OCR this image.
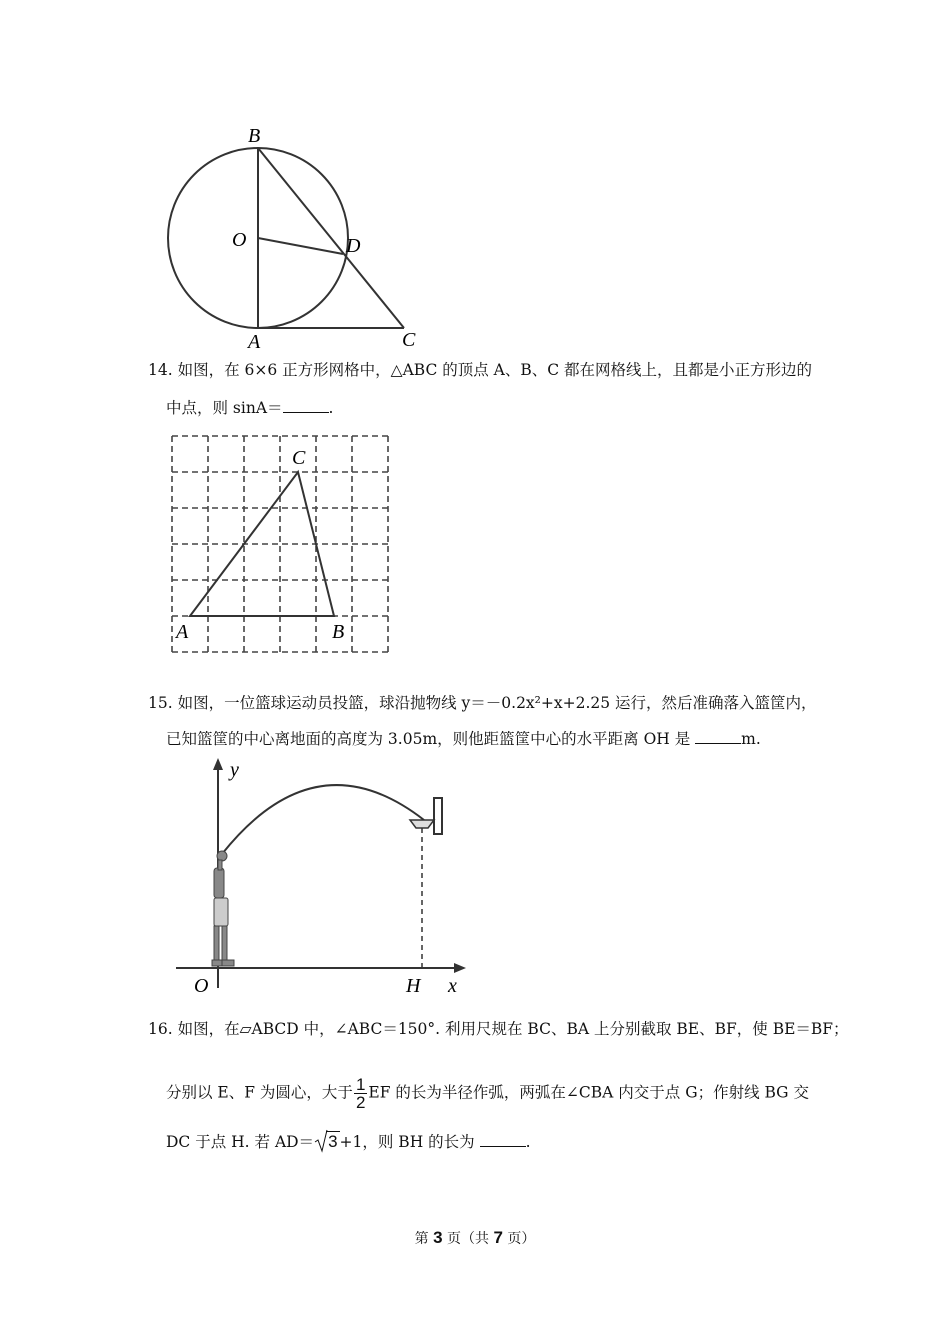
B
O	D
A	C
14. 如图，在 6×6 正方形网格中，△ABC 的顶点 A、B、C 都在网格线上，且都是小正方形边的
中点，则 sinA＝	.
A	B
C
15. 如图，一位篮球运动员投篮，球沿抛物线 y＝－0.2x²+x+2.25 运行，然后准确落入篮筐内，
已知篮筐的中心离地面的高度为 3.05m，则他距篮筐中心的水平距离 OH 是	m.
y
x
O	H
16. 如图，在▱ABCD 中，∠ABC＝150°. 利用尺规在 BC、BA 上分别截取 BE、BF，使 BE＝BF；
分别以 E、F 为圆心，大于 $\frac{1}{2}$ EF 的长为半径作弧，两弧在∠CBA 内交于点 G；作射线 BG 交
DC 于点 H. 若 AD＝ 3 +1，则 BH 的长为	.
第 3 页（共 7 页）
